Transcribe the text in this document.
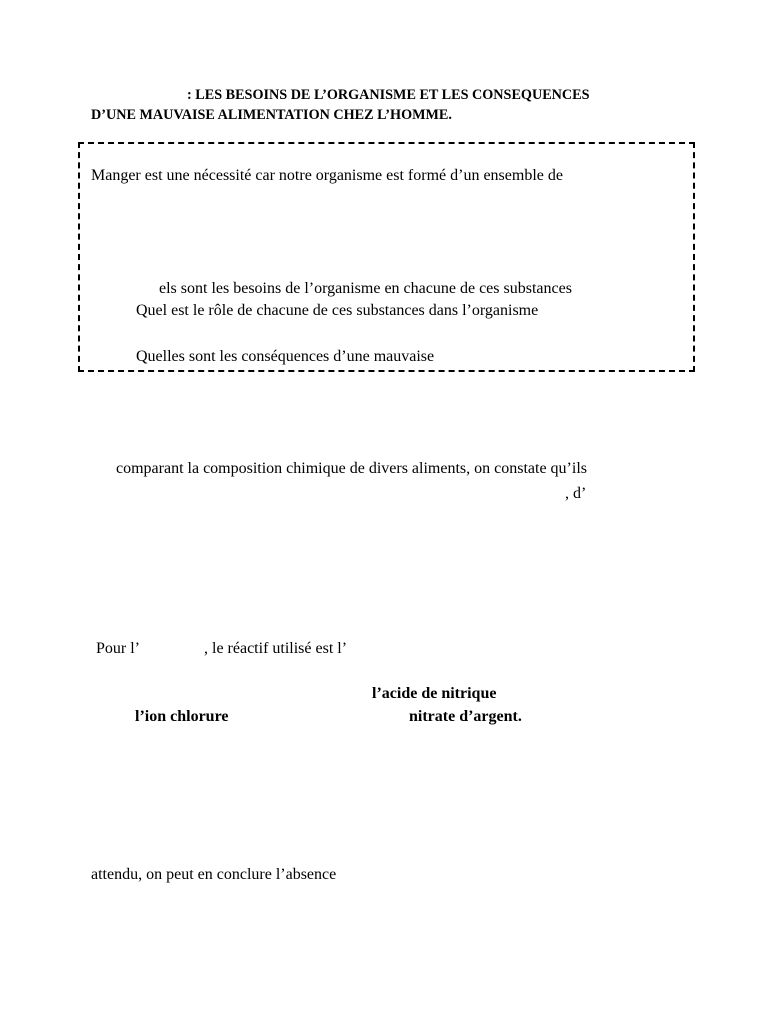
: LES BESOINS DE L’ORGANISME ET LES CONSEQUENCES
D’UNE MAUVAISE ALIMENTATION CHEZ L’HOMME.
Manger est une nécessité car notre organisme est formé d’un ensemble de
els sont les besoins de l’organisme en chacune de ces substances
Quel est le rôle de chacune de ces substances dans l’organisme
Quelles sont les conséquences d’une mauvaise
comparant la composition chimique de divers aliments, on constate qu’ils
, d’
Pour l’	, le réactif utilisé est l’
l’acide de nitrique
l’ion chlorure	nitrate d’argent.
attendu, on peut en conclure l’absence
